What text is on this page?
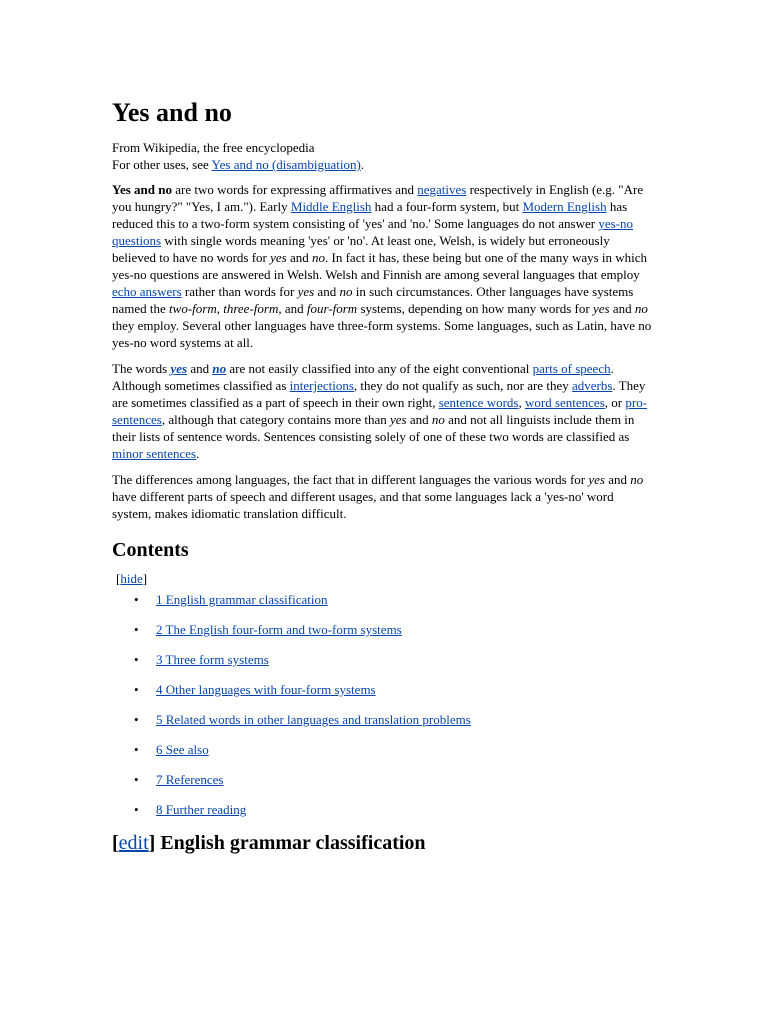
Yes and no
From Wikipedia, the free encyclopedia
For other uses, see Yes and no (disambiguation).

Yes and no are two words for expressing affirmatives and negatives respectively in English (e.g. "Are you hungry?" "Yes, I am."). Early Middle English had a four-form system, but Modern English has reduced this to a two-form system consisting of 'yes' and 'no.' Some languages do not answer yes-no questions with single words meaning 'yes' or 'no'. At least one, Welsh, is widely but erroneously believed to have no words for yes and no. In fact it has, these being but one of the many ways in which yes-no questions are answered in Welsh. Welsh and Finnish are among several languages that employ echo answers rather than words for yes and no in such circumstances. Other languages have systems named the two-form, three-form, and four-form systems, depending on how many words for yes and no they employ. Several other languages have three-form systems. Some languages, such as Latin, have no yes-no word systems at all.

The words yes and no are not easily classified into any of the eight conventional parts of speech. Although sometimes classified as interjections, they do not qualify as such, nor are they adverbs. They are sometimes classified as a part of speech in their own right, sentence words, word sentences, or pro-sentences, although that category contains more than yes and no and not all linguists include them in their lists of sentence words. Sentences consisting solely of one of these two words are classified as minor sentences.

The differences among languages, the fact that in different languages the various words for yes and no have different parts of speech and different usages, and that some languages lack a 'yes-no' word system, makes idiomatic translation difficult.

Contents
[hide]
• 1 English grammar classification
• 2 The English four-form and two-form systems
• 3 Three form systems
• 4 Other languages with four-form systems
• 5 Related words in other languages and translation problems
• 6 See also
• 7 References
• 8 Further reading
[edit] English grammar classification
